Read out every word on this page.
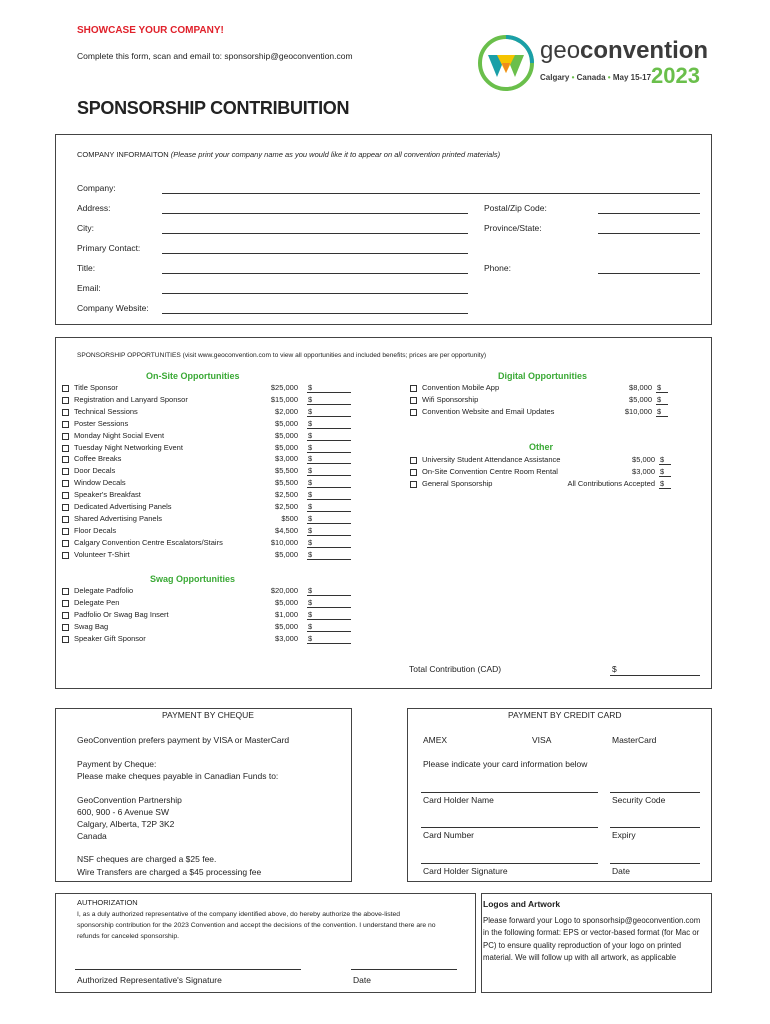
SHOWCASE YOUR COMPANY!
Complete this form, scan and email to: sponsorship@geoconvention.com
SPONSORSHIP CONTRIBUITION
geoconvention
Calgary • Canada • May 15-17 2023
COMPANY INFORMAITON (Please print your company name as you would like it to appear on all convention printed materials)
Company:
Address:	Postal/Zip Code:
City:	Province/State:
Primary Contact:
Title:	Phone:
Email:
Company Website:
SPONSORSHIP OPPORTUNITIES (visit www.geoconvention.com to view all opportunities and included benefits; prices are per opportunity)
On-Site Opportunities
Swag Opportunities
Digital Opportunities
Other
Title Sponsor	$25,000 $
Registration and Lanyard Sponsor	$15,000 $
Technical Sessions	$2,000 $
Poster Sessions	$5,000 $
Monday Night Social Event	$5,000 $
Tuesday Night Networking Event	$5,000 $
Coffee Breaks	$3,000 $
Door Decals	$5,500 $
Window Decals	$5,500 $
Speaker's Breakfast	$2,500 $
Dedicated Advertising Panels	$2,500 $
Shared Advertising Panels	$500 $
Floor Decals	$4,500 $
Calgary Convention Centre Escalators/Stairs	$10,000 $
Volunteer T-Shirt	$5,000 $
Delegate Padfolio	$20,000 $
Delegate Pen	$5,000 $
Padfolio Or Swag Bag Insert	$1,000 $
Swag Bag	$5,000 $
Speaker Gift Sponsor	$3,000 $
Convention Mobile App	$8,000 $
Wifi Sponsorship	$5,000 $
Convention Website and Email Updates	$10,000 $
University Student Attendance Assistance	$5,000 $
On-Site Convention Centre Room Rental	$3,000 $
General Sponsorship	All Contributions Accepted $
Total Contribution (CAD)	$
PAYMENT BY CHEQUE
GeoConvention prefers payment by VISA or MasterCard
Payment by Cheque:
Please make cheques payable in Canadian Funds to:
GeoConvention Partnership
600, 900 - 6 Avenue SW
Calgary, Alberta, T2P 3K2
Canada
NSF cheques are charged a $25 fee.
Wire Transfers are charged a $45 processing fee
PAYMENT BY CREDIT CARD
AMEX	VISA	MasterCard
Please indicate your card information below
Card Holder Name	Security Code
Card Number	Expiry
Card Holder Signature	Date
AUTHORIZATION
I, as a duly authorized representative of the company identified above, do hereby authorize the above-listed sponsorship contribution for the 2023 Convention and accept the decisions of the convention. I understand there are no refunds for canceled sponsorship.
Authorized Representative's Signature	Date
Logos and Artwork
Please forward your Logo to sponsorhsip@geoconvention.com in the following format: EPS or vector-based format (for Mac or PC) to ensure quality reproduction of your logo on printed material. We will follow up with all artwork, as applicable
